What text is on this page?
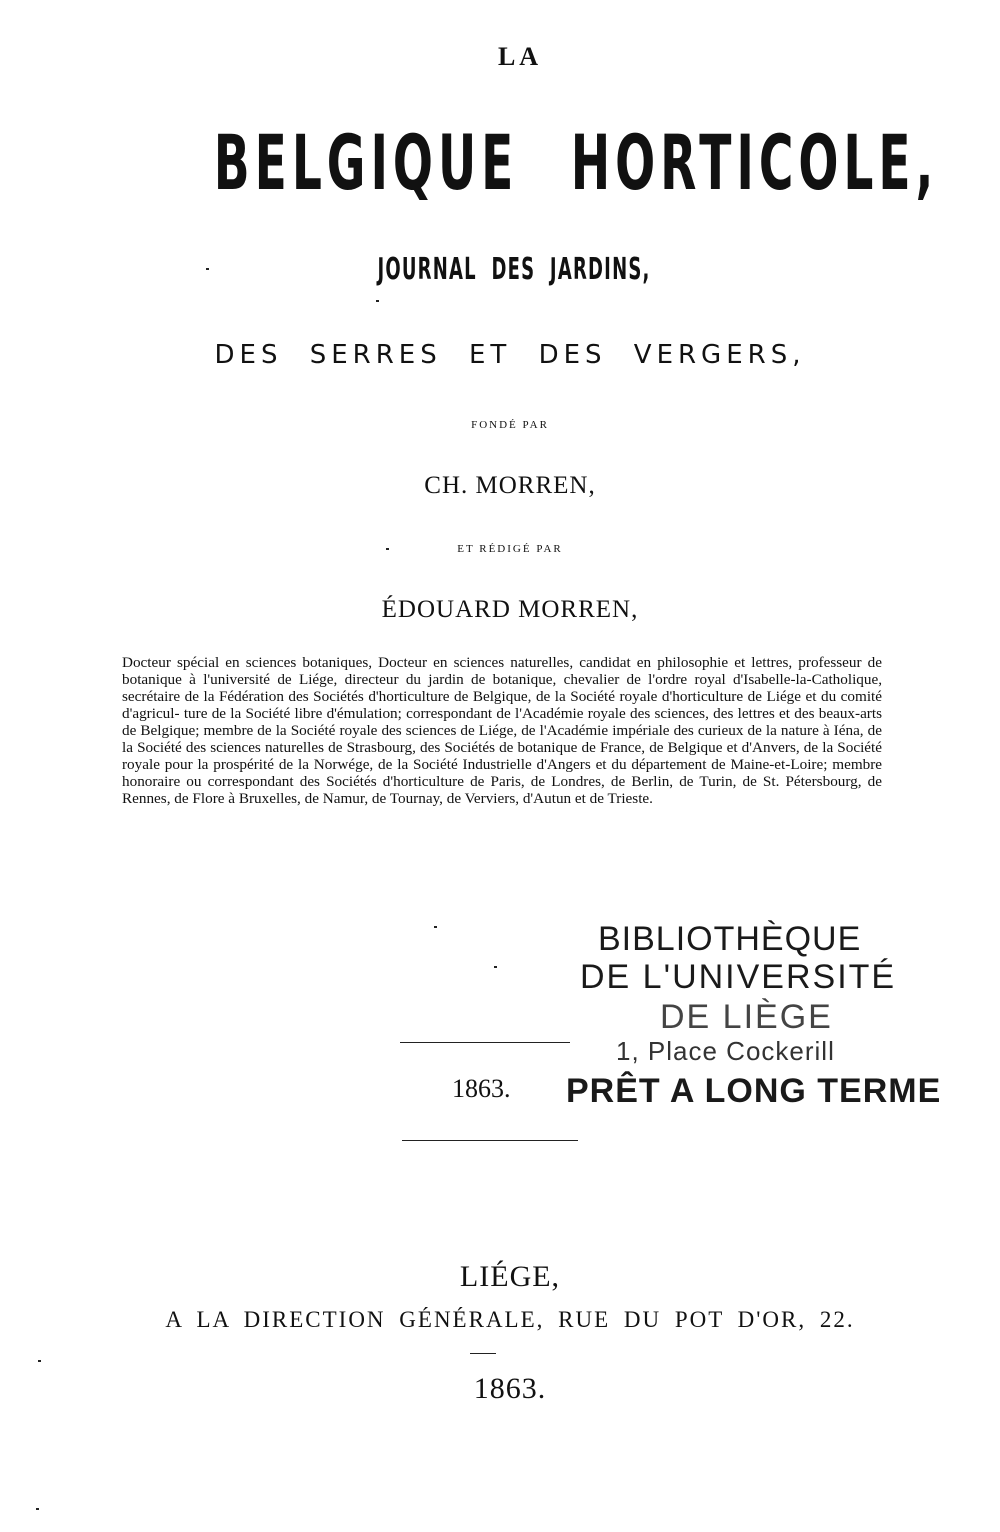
LA
BELGIQUE HORTICOLE,
JOURNAL DES JARDINS,
DES SERRES ET DES VERGERS,
FONDÉ PAR
CH. MORREN,
ET RÉDIGÉ PAR
ÉDOUARD MORREN,
Docteur spécial en sciences botaniques, Docteur en sciences naturelles, candidat en philosophie et lettres, professeur de botanique à l'université de Liége, directeur du jardin de botanique, chevalier de l'ordre royal d'Isabelle-la-Catholique, secrétaire de la Fédération des Sociétés d'horticulture de Belgique, de la Société royale d'horticulture de Liége et du comité d'agricul- ture de la Société libre d'émulation; correspondant de l'Académie royale des sciences, des lettres et des beaux-arts de Belgique; membre de la Société royale des sciences de Liége, de l'Académie impériale des curieux de la nature à Iéna, de la Société des sciences naturelles de Strasbourg, des Sociétés de botanique de France, de Belgique et d'Anvers, de la Société royale pour la prospérité de la Norwége, de la Société Industrielle d'Angers et du département de Maine-et-Loire; membre honoraire ou correspondant des Sociétés d'horticulture de Paris, de Londres, de Berlin, de Turin, de St. Pétersbourg, de Rennes, de Flore à Bruxelles, de Namur, de Tournay, de Verviers, d'Autun et de Trieste.
1863.
BIBLIOTHÈQUE
DE L'UNIVERSITÉ
DE LIÈGE
1, Place Cockerill
PRÊT A LONG TERME
LIÉGE,
A LA DIRECTION GÉNÉRALE, RUE DU POT D'OR, 22.
1863.
